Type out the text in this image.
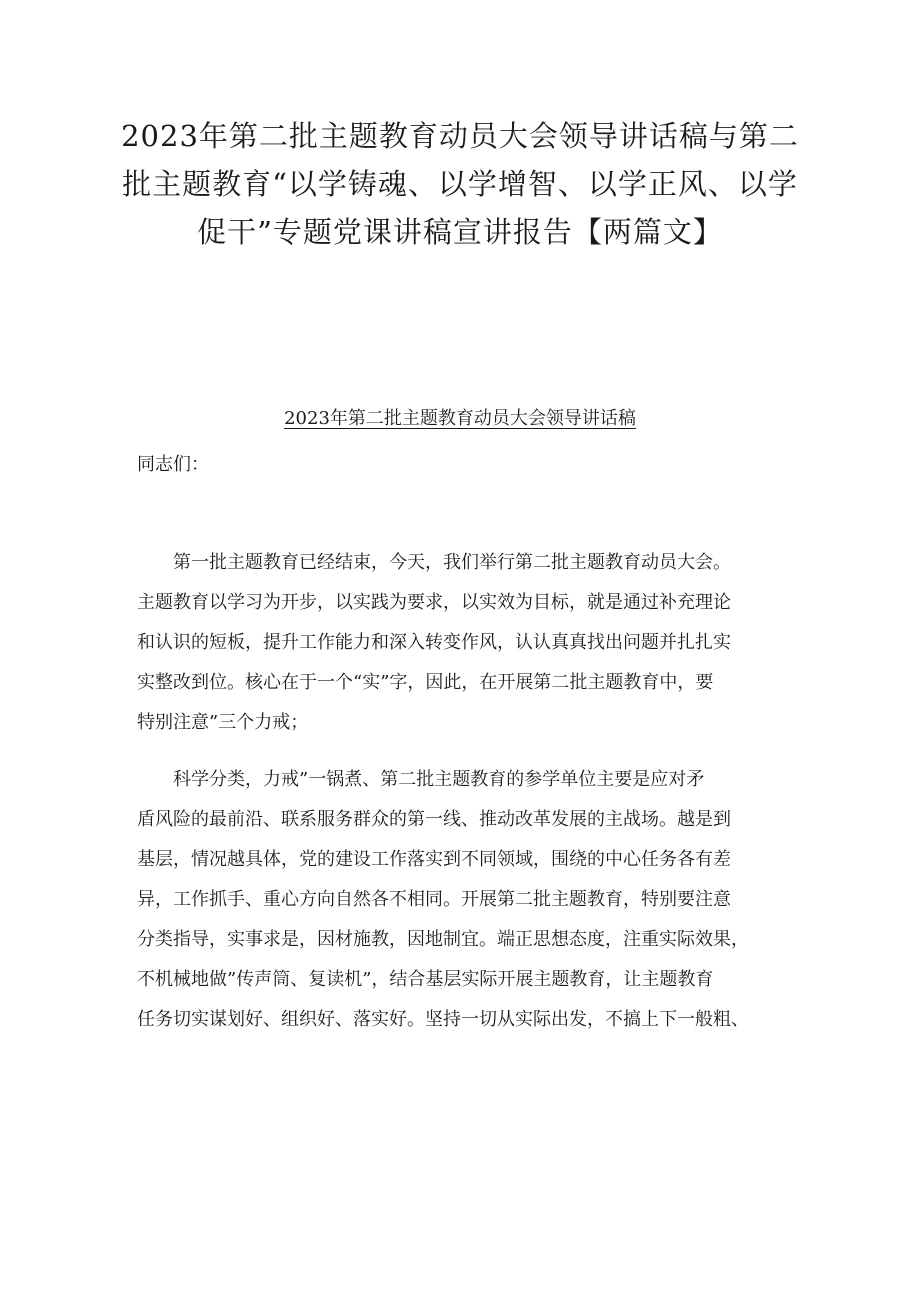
2023年第二批主题教育动员大会领导讲话稿与第二
批主题教育“以学铸魂、以学增智、以学正风、以学
促干”专题党课讲稿宣讲报告【两篇文】
2023年第二批主题教育动员大会领导讲话稿

同志们：

第一批主题教育已经结束，今天，我们举行第二批主题教育动员大会。
主题教育以学习为开步，以实践为要求，以实效为目标，就是通过补充理论
和认识的短板，提升工作能力和深入转变作风，认认真真找出问题并扎扎实
实整改到位。核心在于一个“实”字，因此，在开展第二批主题教育中，要
特别注意”三个力戒；

科学分类，力戒”一锅煮、第二批主题教育的参学单位主要是应对矛
盾风险的最前沿、联系服务群众的第一线、推动改革发展的主战场。越是到
基层，情况越具体，党的建设工作落实到不同领域，围绕的中心任务各有差
异，工作抓手、重心方向自然各不相同。开展第二批主题教育，特别要注意
分类指导，实事求是，因材施教，因地制宜。端正思想态度，注重实际效果，
不机械地做”传声筒、复读机”，结合基层实际开展主题教育，让主题教育
任务切实谋划好、组织好、落实好。坚持一切从实际出发，不搞上下一般粗、
